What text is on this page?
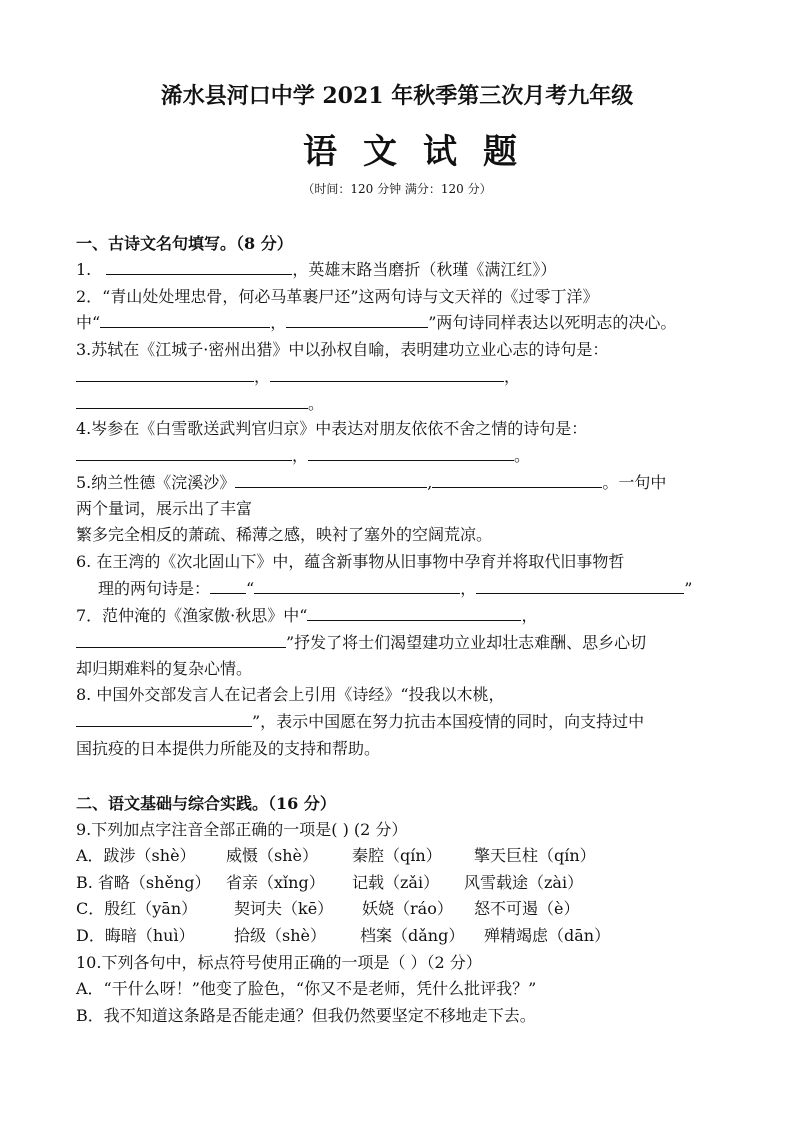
浠水县河口中学 2021 年秋季第三次月考九年级
语文试题
（时间：120 分钟 满分：120 分）
一、古诗文名句填写。（8 分）
1.	，英雄末路当磨折（秋瑾《满江红》）
2．“青山处处埋忠骨，何必马革裹尸还”这两句诗与文天祥的《过零丁洋》
中“	，	”两句诗同样表达以死明志的决心。
3.苏轼在《江城子·密州出猎》中以孙权自喻，表明建功立业心志的诗句是：
，	，
。
4.岑参在《白雪歌送武判官归京》中表达对朋友依依不舍之情的诗句是：
，	。
5.纳兰性德《浣溪沙》	,	。一句中
两个量词，展示出了丰富
繁多完全相反的萧疏、稀薄之感，映衬了塞外的空阔荒凉。
6. 在王湾的《次北固山下》中，蕴含新事物从旧事物中孕育并将取代旧事物哲
理的两句诗是： “	，	”
7．范仲淹的《渔家傲·秋思》中“	，
”抒发了将士们渴望建功立业却壮志难酬、思乡心切
却归期难料的复杂心情。
8. 中国外交部发言人在记者会上引用《诗经》“投我以木桃，
”，表示中国愿在努力抗击本国疫情的同时，向支持过中
国抗疫的日本提供力所能及的支持和帮助。
二、语文基础与综合实践。（16 分）
9.下列加点字注音全部正确的一项是( ) (2 分）
A．跋涉（shè） 威慑（shè） 秦腔（qín） 擎天巨柱（qín）
B. 省略（shěng） 省亲（xǐng） 记载（zǎi） 风雪载途（zài）
C．殷红（yān） 契诃夫（kē） 妖娆（ráo） 怒不可遏（è）
D．晦暗（huì） 拾级（shè） 档案（dǎng） 殚精竭虑（dān）
10.下列各句中，标点符号使用正确的一项是（ ）（2 分）
A．“干什么呀！”他变了脸色，“你又不是老师，凭什么批评我？”
B．我不知道这条路是否能走通？但我仍然要坚定不移地走下去。
